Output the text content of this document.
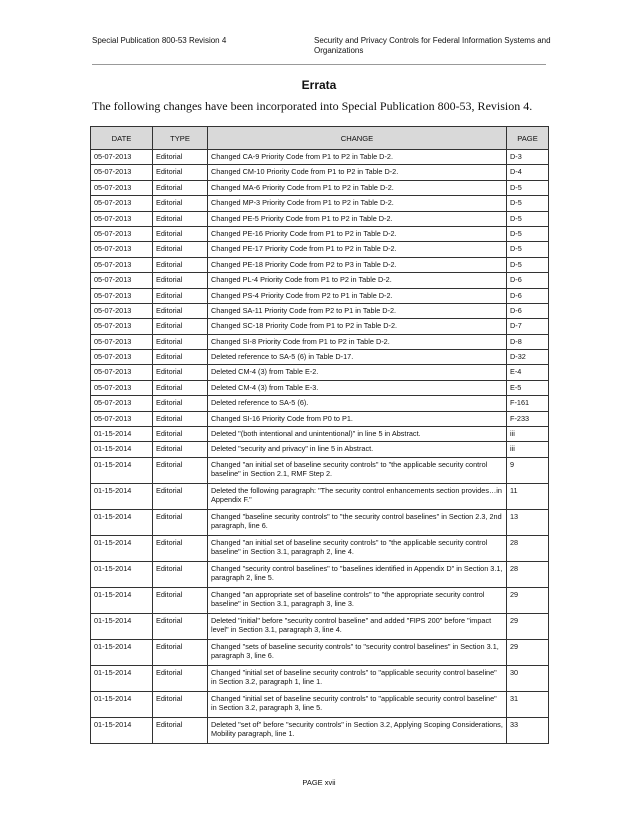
Special Publication 800-53 Revision 4	Security and Privacy Controls for Federal Information Systems and Organizations
Errata
The following changes have been incorporated into Special Publication 800-53, Revision 4.
DATE	TYPE	CHANGE	PAGE
05-07-2013	Editorial	Changed CA-9 Priority Code from P1 to P2 in Table D-2.	D-3
05-07-2013	Editorial	Changed CM-10 Priority Code from P1 to P2 in Table D-2.	D-4
05-07-2013	Editorial	Changed MA-6 Priority Code from P1 to P2 in Table D-2.	D-5
05-07-2013	Editorial	Changed MP-3 Priority Code from P1 to P2 in Table D-2.	D-5
05-07-2013	Editorial	Changed PE-5 Priority Code from P1 to P2 in Table D-2.	D-5
05-07-2013	Editorial	Changed PE-16 Priority Code from P1 to P2 in Table D-2.	D-5
05-07-2013	Editorial	Changed PE-17 Priority Code from P1 to P2 in Table D-2.	D-5
05-07-2013	Editorial	Changed PE-18 Priority Code from P2 to P3 in Table D-2.	D-5
05-07-2013	Editorial	Changed PL-4 Priority Code from P1 to P2 in Table D-2.	D-6
05-07-2013	Editorial	Changed PS-4 Priority Code from P2 to P1 in Table D-2.	D-6
05-07-2013	Editorial	Changed SA-11 Priority Code from P2 to P1 in Table D-2.	D-6
05-07-2013	Editorial	Changed SC-18 Priority Code from P1 to P2 in Table D-2.	D-7
05-07-2013	Editorial	Changed SI-8 Priority Code from P1 to P2 in Table D-2.	D-8
05-07-2013	Editorial	Deleted reference to SA-5 (6) in Table D-17.	D-32
05-07-2013	Editorial	Deleted CM-4 (3) from Table E-2.	E-4
05-07-2013	Editorial	Deleted CM-4 (3) from Table E-3.	E-5
05-07-2013	Editorial	Deleted reference to SA-5 (6).	F-161
05-07-2013	Editorial	Changed SI-16 Priority Code from P0 to P1.	F-233
01-15-2014	Editorial	Deleted "(both intentional and unintentional)" in line 5 in Abstract.	iii
01-15-2014	Editorial	Deleted "security and privacy" in line 5 in Abstract.	iii
01-15-2014	Editorial	Changed "an initial set of baseline security controls" to "the applicable security control baseline" in Section 2.1, RMF Step 2.	9
01-15-2014	Editorial	Deleted the following paragraph: "The security control enhancements section provides…in Appendix F."	11
01-15-2014	Editorial	Changed "baseline security controls" to "the security control baselines" in Section 2.3, 2nd paragraph, line 6.	13
01-15-2014	Editorial	Changed "an initial set of baseline security controls" to "the applicable security control baseline" in Section 3.1, paragraph 2, line 4.	28
01-15-2014	Editorial	Changed "security control baselines" to "baselines identified in Appendix D" in Section 3.1, paragraph 2, line 5.	28
01-15-2014	Editorial	Changed "an appropriate set of baseline controls" to "the appropriate security control baseline" in Section 3.1, paragraph 3, line 3.	29
01-15-2014	Editorial	Deleted "initial" before "security control baseline" and added "FIPS 200" before "impact level" in Section 3.1, paragraph 3, line 4.	29
01-15-2014	Editorial	Changed "sets of baseline security controls" to "security control baselines" in Section 3.1, paragraph 3, line 6.	29
01-15-2014	Editorial	Changed "initial set of baseline security controls" to "applicable security control baseline" in Section 3.2, paragraph 1, line 1.	30
01-15-2014	Editorial	Changed "initial set of baseline security controls" to "applicable security control baseline" in Section 3.2, paragraph 3, line 5.	31
01-15-2014	Editorial	Deleted "set of" before "security controls" in Section 3.2, Applying Scoping Considerations, Mobility paragraph, line 1.	33
PAGE xvii
